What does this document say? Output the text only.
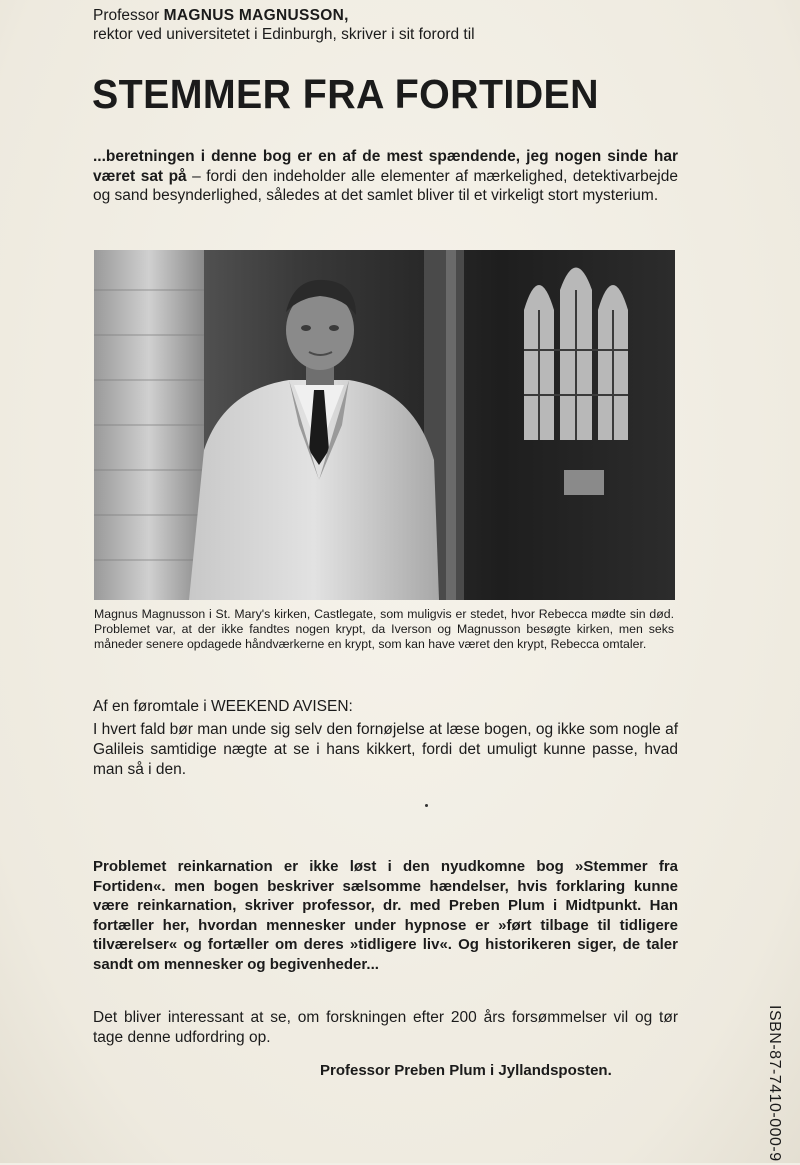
Professor MAGNUS MAGNUSSON,
rektor ved universitetet i Edinburgh, skriver i sit forord til
STEMMER FRA FORTIDEN
...beretningen i denne bog er en af de mest spændende, jeg nogen sinde har været sat på – fordi den indeholder alle elementer af mærkelighed, detektivarbejde og sand besynderlighed, således at det samlet bliver til et virkeligt stort mysterium.
Magnus Magnusson i St. Mary's kirken, Castlegate, som muligvis er stedet, hvor Rebecca mødte sin død. Problemet var, at der ikke fandtes nogen krypt, da Iverson og Magnusson besøgte kirken, men seks måneder senere opdagede håndværkerne en krypt, som kan have været den krypt, Rebecca omtaler.
Af en føromtale i WEEKEND AVISEN:
I hvert fald bør man unde sig selv den fornøjelse at læse bogen, og ikke som nogle af Galileis samtidige nægte at se i hans kikkert, fordi det umuligt kunne passe, hvad man så i den.
Problemet reinkarnation er ikke løst i den nyudkomne bog »Stemmer fra Fortiden«. men bogen beskriver sælsomme hændelser, hvis forklaring kunne være reinkarnation, skriver professor, dr. med Preben Plum i Midtpunkt. Han fortæller her, hvordan mennesker under hypnose er »ført tilbage til tidligere tilværelser« og fortæller om deres »tidligere liv«. Og historikeren siger, de taler sandt om mennesker og begivenheder...
Det bliver interessant at se, om forskningen efter 200 års forsømmelser vil og tør tage denne udfordring op.
Professor Preben Plum i Jyllandsposten.	ISBN-87-7410-000-9
